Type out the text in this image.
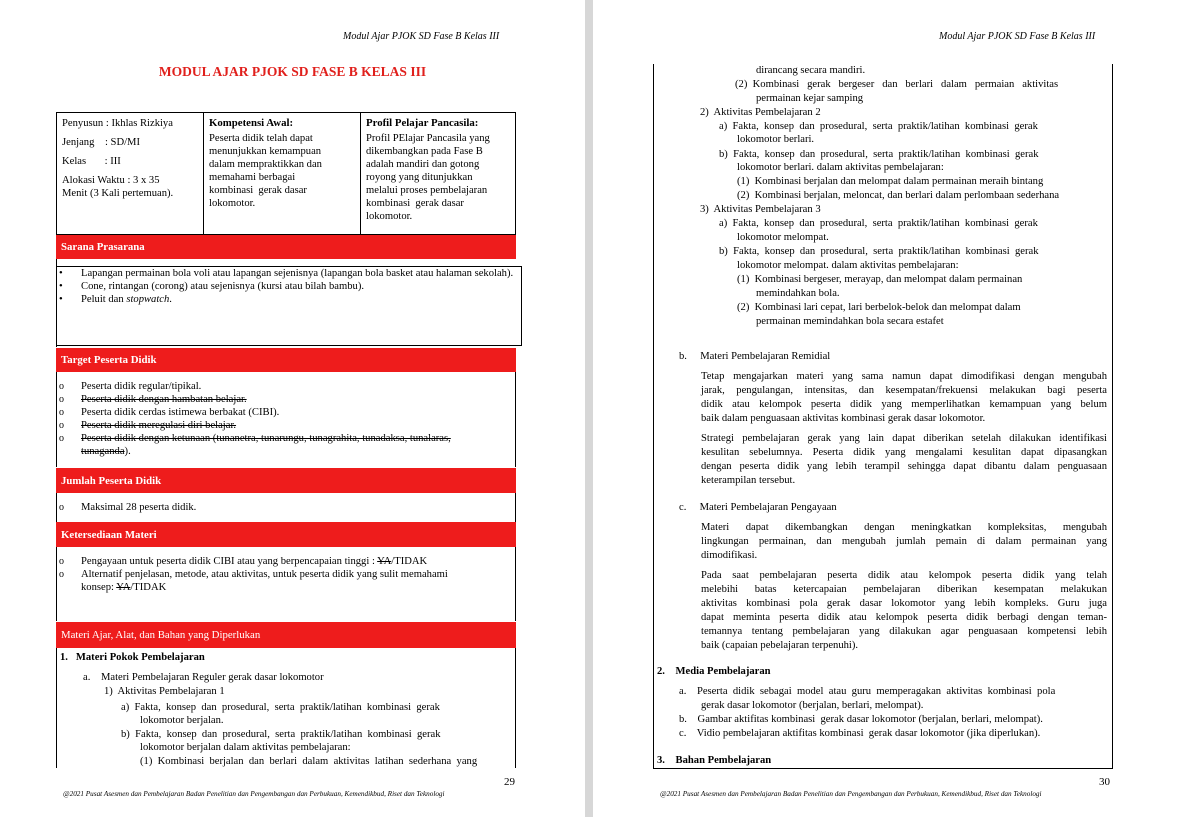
Modul Ajar PJOK SD Fase B Kelas III
MODUL AJAR PJOK SD FASE B KELAS III

Penyusun : Ikhlas Rizkiya

Jenjang    : SD/MI

Kelas       : III

Alokasi Waktu : 3 x 35

Menit (3 Kali pertemuan).

Kompetensi Awal:
Peserta didik telah dapat
menunjukkan kemampuan
dalam mempraktikkan dan
memahami berbagai
kombinasi  gerak dasar
lokomotor.
Profil Pelajar Pancasila:
Profil PElajar Pancasila yang
dikembangkan pada Fase B
adalah mandiri dan gotong
royong yang ditunjukkan
melalui proses pembelajaran
kombinasi  gerak dasar
lokomotor.
Sarana Prasarana
• Lapangan permainan bola voli atau lapangan sejenisnya (lapangan bola basket atau halaman sekolah).
• Cone, rintangan (corong) atau sejenisnya (kursi atau bilah bambu).
• Peluit dan stopwatch.
Target Peserta Didik
o Peserta didik regular/tipikal.
o Peserta didik dengan hambatan belajar.
o Peserta didik cerdas istimewa berbakat (CIBI).
o Peserta didik meregulasi diri belajar.
o Peserta didik dengan ketunaan (tunanetra, tunarungu, tunagrahita, tunadaksa, tunalaras,
tunaganda).
Jumlah Peserta Didik
o Maksimal 28 peserta didik.
Ketersediaan Materi
o Pengayaan untuk peserta didik CIBI atau yang berpencapaian tinggi : YA/TIDAK
o Alternatif penjelasan, metode, atau aktivitas, untuk peserta didik yang sulit memahami
konsep: YA/TIDAK
Materi Ajar, Alat, dan Bahan yang Diperlukan
1.   Materi Pokok Pembelajaran
a.    Materi Pembelajaran Reguler gerak dasar lokomotor
1)  Aktivitas Pembelajaran 1
a)  Fakta,  konsep  dan  prosedural,  serta  praktik/latihan  kombinasi  gerak
lokomotor berjalan.
b)  Fakta,  konsep  dan  prosedural,  serta  praktik/latihan  kombinasi  gerak
lokomotor berjalan dalam aktivitas pembelajaran:
(1)  Kombinasi  berjalan  dan  berlari  dalam  aktivitas  latihan  sederhana  yang
29
@2021 Pusat Asesmen dan Pembelajaran Badan Penelitian dan Pengembangan dan Perbukuan, Kemendikbud, Riset dan Teknologi
Modul Ajar PJOK SD Fase B Kelas III
dirancang secara mandiri.
(2)  Kombinasi   gerak   bergeser   dan   berlari   dalam   permaian   aktivitas
permainan kejar samping
2)  Aktivitas Pembelajaran 2
a)  Fakta,  konsep  dan  prosedural,  serta  praktik/latihan  kombinasi  gerak
lokomotor berlari.
b)  Fakta,  konsep  dan  prosedural,  serta  praktik/latihan  kombinasi  gerak
lokomotor berlari. dalam aktivitas pembelajaran:
(1)  Kombinasi berjalan dan melompat dalam permainan meraih bintang
(2)  Kombinasi berjalan, meloncat, dan berlari dalam perlombaan sederhana
3)  Aktivitas Pembelajaran 3
a)  Fakta,  konsep  dan  prosedural,  serta  praktik/latihan  kombinasi  gerak
lokomotor melompat.
b)  Fakta,  konsep  dan  prosedural,  serta  praktik/latihan  kombinasi  gerak
lokomotor melompat. dalam aktivitas pembelajaran:
(1)  Kombinasi bergeser, merayap, dan melompat dalam permainan
memindahkan bola.
(2)  Kombinasi lari cepat, lari berbelok-belok dan melompat dalam
permainan memindahkan bola secara estafet
b.     Materi Pembelajaran Remidial
Tetap mengajarkan materi yang sama namun dapat dimodifikasi dengan mengubah
jarak, pengulangan, intensitas, dan kesempatan/frekuensi melakukan bagi peserta
didik atau kelompok peserta didik yang memperlihatkan kemampuan yang belum
baik dalam penguasaan aktivitas kombinasi gerak dasar lokomotor.
Strategi pembelajaran gerak yang lain dapat diberikan setelah dilakukan identifikasi
kesulitan sebelumnya. Peserta didik yang mengalami kesulitan dapat dipasangkan
dengan peserta didik yang lebih terampil sehingga dapat dibantu dalam penguasaan
keterampilan tersebut.
c.     Materi Pembelajaran Pengayaan
Materi  dapat  dikembangkan  dengan  meningkatkan  kompleksitas,  mengubah
lingkungan  permainan,  dan  mengubah  jumlah  pemain  di  dalam  permainan  yang
dimodifikasi.
Pada  saat  pembelajaran  peserta  didik  atau  kelompok  peserta  didik  yang  telah
melebihi  batas  ketercapaian  pembelajaran  diberikan  kesempatan  melakukan
aktivitas kombinasi pola gerak dasar lokomotor yang lebih kompleks. Guru juga
dapat meminta peserta didik atau kelompok peserta didik berbagi dengan teman-
temannya tentang pembelajaran yang dilakukan agar penguasaan kompetensi lebih
baik (capaian pebelajaran terpenuhi).
2.    Media Pembelajaran
a.    Peserta  didik  sebagai  model  atau  guru  memperagakan  aktivitas  kombinasi  pola
gerak dasar lokomotor (berjalan, berlari, melompat).
b.    Gambar aktifitas kombinasi  gerak dasar lokomotor (berjalan, berlari, melompat).
c.    Vidio pembelajaran aktifitas kombinasi  gerak dasar lokomotor (jika diperlukan).
3.    Bahan Pembelajaran
30
@2021 Pusat Asesmen dan Pembelajaran Badan Penelitian dan Pengembangan dan Perbukuan, Kemendikbud, Riset dan Teknologi
